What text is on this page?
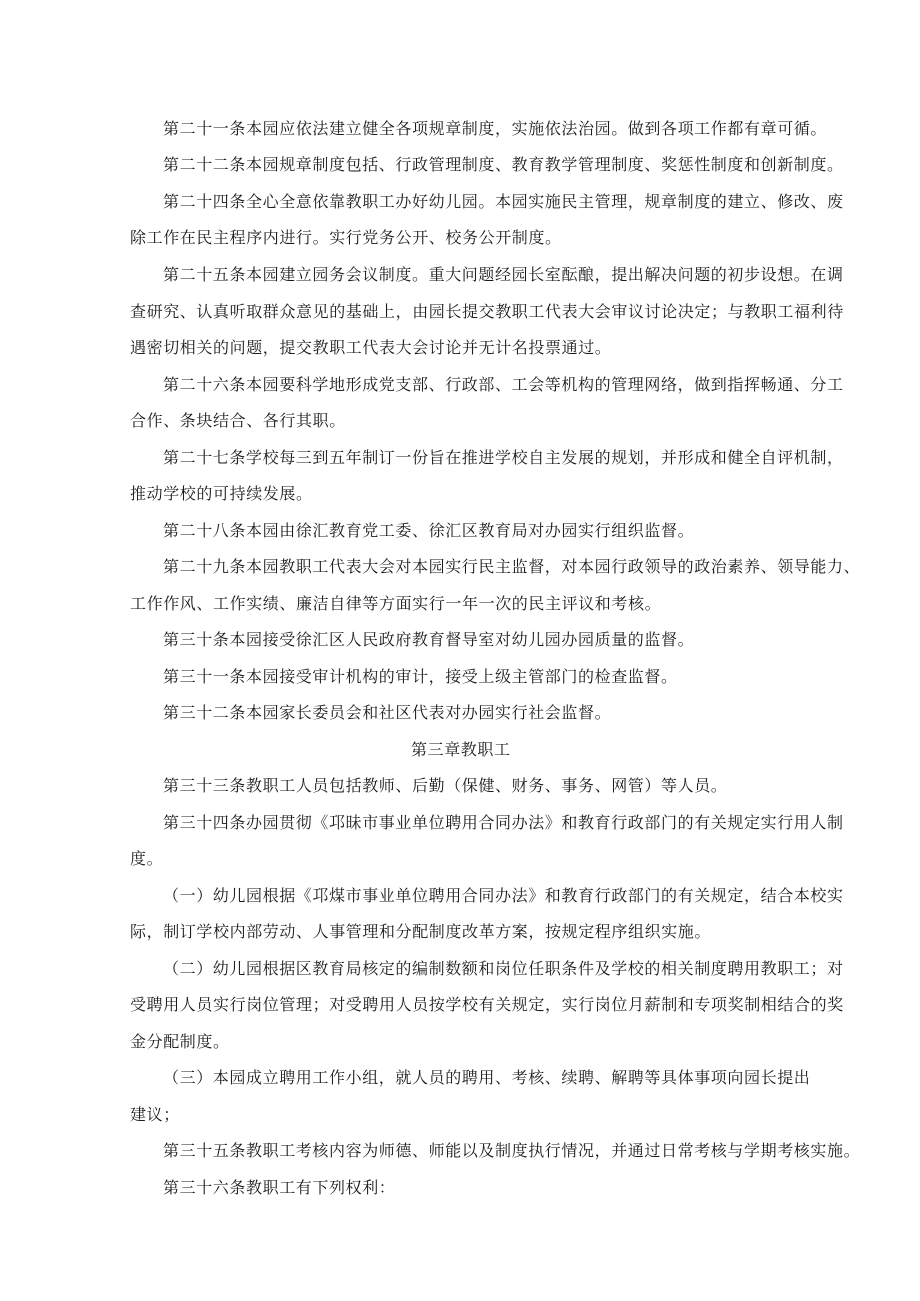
第二十一条本园应依法建立健全各项规章制度，实施依法治园。做到各项工作都有章可循。
第二十二条本园规章制度包括、行政管理制度、教育教学管理制度、奖惩性制度和创新制度。
第二十四条全心全意依靠教职工办好幼儿园。本园实施民主管理，规章制度的建立、修改、废
除工作在民主程序内进行。实行党务公开、校务公开制度。
第二十五条本园建立园务会议制度。重大问题经园长室酝酿，提出解决问题的初步设想。在调
查研究、认真听取群众意见的基础上，由园长提交教职工代表大会审议讨论决定；与教职工福利待
遇密切相关的问题，提交教职工代表大会讨论并无计名投票通过。
第二十六条本园要科学地形成党支部、行政部、工会等机构的管理网络，做到指挥畅通、分工
合作、条块结合、各行其职。
第二十七条学校每三到五年制订一份旨在推进学校自主发展的规划，并形成和健全自评机制，
推动学校的可持续发展。
第二十八条本园由徐汇教育党工委、徐汇区教育局对办园实行组织监督。
第二十九条本园教职工代表大会对本园实行民主监督，对本园行政领导的政治素养、领导能力、
工作作风、工作实绩、廉洁自律等方面实行一年一次的民主评议和考核。
第三十条本园接受徐汇区人民政府教育督导室对幼儿园办园质量的监督。
第三十一条本园接受审计机构的审计，接受上级主管部门的检查监督。
第三十二条本园家长委员会和社区代表对办园实行社会监督。
第三章教职工
第三十三条教职工人员包括教师、后勤（保健、财务、事务、网管）等人员。
第三十四条办园贯彻《邛昧市事业单位聘用合同办法》和教育行政部门的有关规定实行用人制
度。
（一）幼儿园根据《邛煤市事业单位聘用合同办法》和教育行政部门的有关规定，结合本校实
际，制订学校内部劳动、人事管理和分配制度改革方案，按规定程序组织实施。
（二）幼儿园根据区教育局核定的编制数额和岗位任职条件及学校的相关制度聘用教职工；对
受聘用人员实行岗位管理；对受聘用人员按学校有关规定，实行岗位月薪制和专项奖制相结合的奖
金分配制度。
（三）本园成立聘用工作小组，就人员的聘用、考核、续聘、解聘等具体事项向园长提出
建议；
第三十五条教职工考核内容为师德、师能以及制度执行情况，并通过日常考核与学期考核实施。
第三十六条教职工有下列权利：
